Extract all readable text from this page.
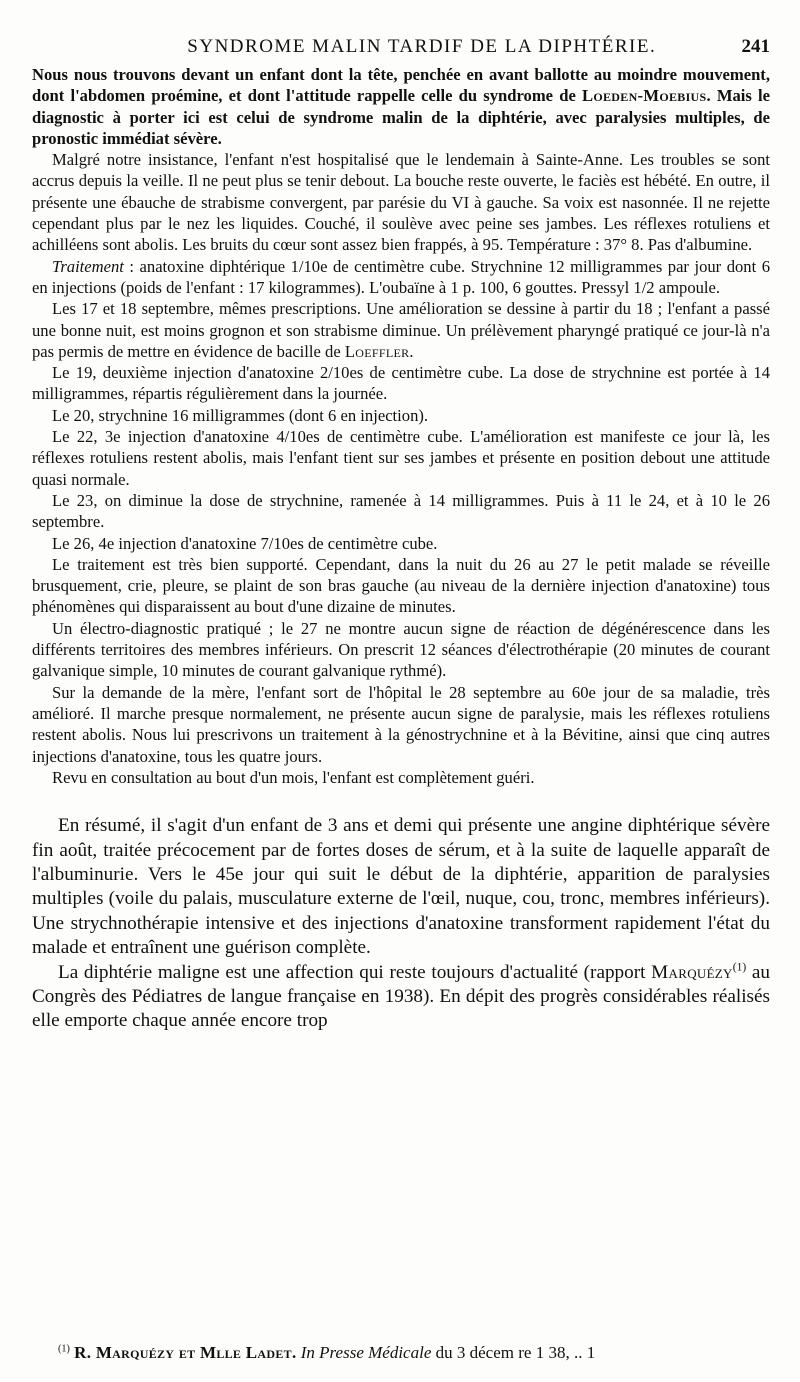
SYNDROME MALIN TARDIF DE LA DIPHTÉRIE.	241

Nous nous trouvons devant un enfant dont la tête, penchée en avant ballotte au moindre mouvement, dont l'abdomen proémine, et dont l'attitude rappelle celle du syndrome de Loeden-Moebius. Mais le diagnostic à porter ici est celui de syndrome malin de la diphtérie, avec paralysies multiples, de pronostic immédiat sévère.

Malgré notre insistance, l'enfant n'est hospitalisé que le lendemain à Sainte-Anne. Les troubles se sont accrus depuis la veille. Il ne peut plus se tenir debout. La bouche reste ouverte, le faciès est hébété. En outre, il présente une ébauche de strabisme convergent, par parésie du VI à gauche. Sa voix est nasonnée. Il ne rejette cependant plus par le nez les liquides. Couché, il soulève avec peine ses jambes. Les réflexes rotuliens et achilléens sont abolis. Les bruits du cœur sont assez bien frappés, à 95. Température : 37° 8. Pas d'albumine.

Traitement : anatoxine diphtérique 1/10e de centimètre cube. Strychnine 12 milligrammes par jour dont 6 en injections (poids de l'enfant : 17 kilogrammes). L'oubaïne à 1 p. 100, 6 gouttes. Pressyl 1/2 ampoule.

Les 17 et 18 septembre, mêmes prescriptions. Une amélioration se dessine à partir du 18 ; l'enfant a passé une bonne nuit, est moins grognon et son strabisme diminue. Un prélèvement pharyngé pratiqué ce jour-là n'a pas permis de mettre en évidence de bacille de Loeffler.

Le 19, deuxième injection d'anatoxine 2/10es de centimètre cube. La dose de strychnine est portée à 14 milligrammes, répartis régulièrement dans la journée.

Le 20, strychnine 16 milligrammes (dont 6 en injection).

Le 22, 3e injection d'anatoxine 4/10es de centimètre cube. L'amélioration est manifeste ce jour là, les réflexes rotuliens restent abolis, mais l'enfant tient sur ses jambes et présente en position debout une attitude quasi normale.

Le 23, on diminue la dose de strychnine, ramenée à 14 milligrammes. Puis à 11 le 24, et à 10 le 26 septembre.

Le 26, 4e injection d'anatoxine 7/10es de centimètre cube.

Le traitement est très bien supporté. Cependant, dans la nuit du 26 au 27 le petit malade se réveille brusquement, crie, pleure, se plaint de son bras gauche (au niveau de la dernière injection d'anatoxine) tous phénomènes qui disparaissent au bout d'une dizaine de minutes.

Un électro-diagnostic pratiqué ; le 27 ne montre aucun signe de réaction de dégénérescence dans les différents territoires des membres inférieurs. On prescrit 12 séances d'électrothérapie (20 minutes de courant galvanique simple, 10 minutes de courant galvanique rythmé).

Sur la demande de la mère, l'enfant sort de l'hôpital le 28 septembre au 60e jour de sa maladie, très amélioré. Il marche presque normalement, ne présente aucun signe de paralysie, mais les réflexes rotuliens restent abolis. Nous lui prescrivons un traitement à la génostrychnine et à la Bévitine, ainsi que cinq autres injections d'anatoxine, tous les quatre jours.

Revu en consultation au bout d'un mois, l'enfant est complètement guéri.

En résumé, il s'agit d'un enfant de 3 ans et demi qui présente une angine diphtérique sévère fin août, traitée précocement par de fortes doses de sérum, et à la suite de laquelle apparaît de l'albuminurie. Vers le 45e jour qui suit le début de la diphtérie, apparition de paralysies multiples (voile du palais, musculature externe de l'œil, nuque, cou, tronc, membres inférieurs). Une strychnothérapie intensive et des injections d'anatoxine transforment rapidement l'état du malade et entraînent une guérison complète.

La diphtérie maligne est une affection qui reste toujours d'actualité (rapport Marquézy$^{(1)}$ au Congrès des Pédiatres de langue française en 1938). En dépit des progrès considérables réalisés elle emporte chaque année encore trop

$^{(1)}$ R. Marquézy et Mlle Ladet. In Presse Médicale du 3 décem re 1 38, .. 1
